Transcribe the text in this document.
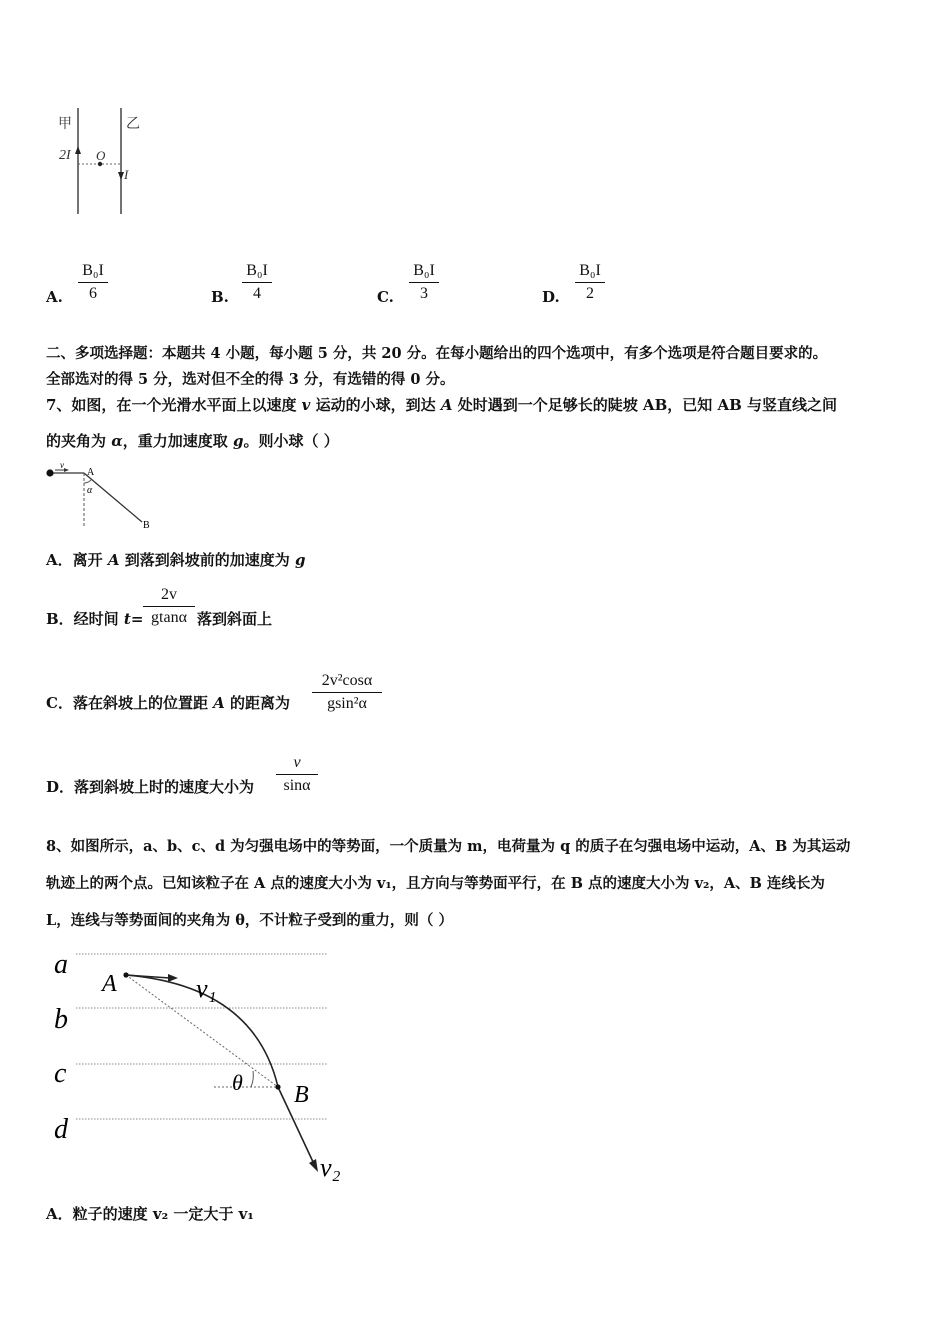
甲	乙
2I O
I
A.
B₀I
6	B.
B₀I
4	C.
B₀I
3	D.
B₀I
2
二、多项选择题：本题共 4 小题，每小题 5 分，共 20 分。在每小题给出的四个选项中，有多个选项是符合题目要求的。
全部选对的得 5 分，选对但不全的得 3 分，有选错的得 0 分。
7、如图，在一个光滑水平面上以速度 v 运动的小球，到达 A 处时遇到一个足够长的陡坡 AB，已知 AB 与竖直线之间
的夹角为 α，重力加速度取 g。则小球（ ）
v
A
α
B
A．离开 A 到落到斜坡前的加速度为 g
B．经时间 t=
2v
gtanα 落到斜面上
C．落在斜坡上的位置距 A 的距离为
2v²cosα
gsin²α
D．落到斜坡上时的速度大小为
v
sinα
8、如图所示，a、b、c、d 为匀强电场中的等势面，一个质量为 m，电荷量为 q 的质子在匀强电场中运动，A、B 为其运动
轨迹上的两个点。已知该粒子在 A 点的速度大小为 v₁，且方向与等势面平行，在 B 点的速度大小为 v₂，A、B 连线长为
L，连线与等势面间的夹角为 θ，不计粒子受到的重力，则（ ）
a
b
c
d
A
B
v₁
v₂
θ
A．粒子的速度 v₂ 一定大于 v₁
